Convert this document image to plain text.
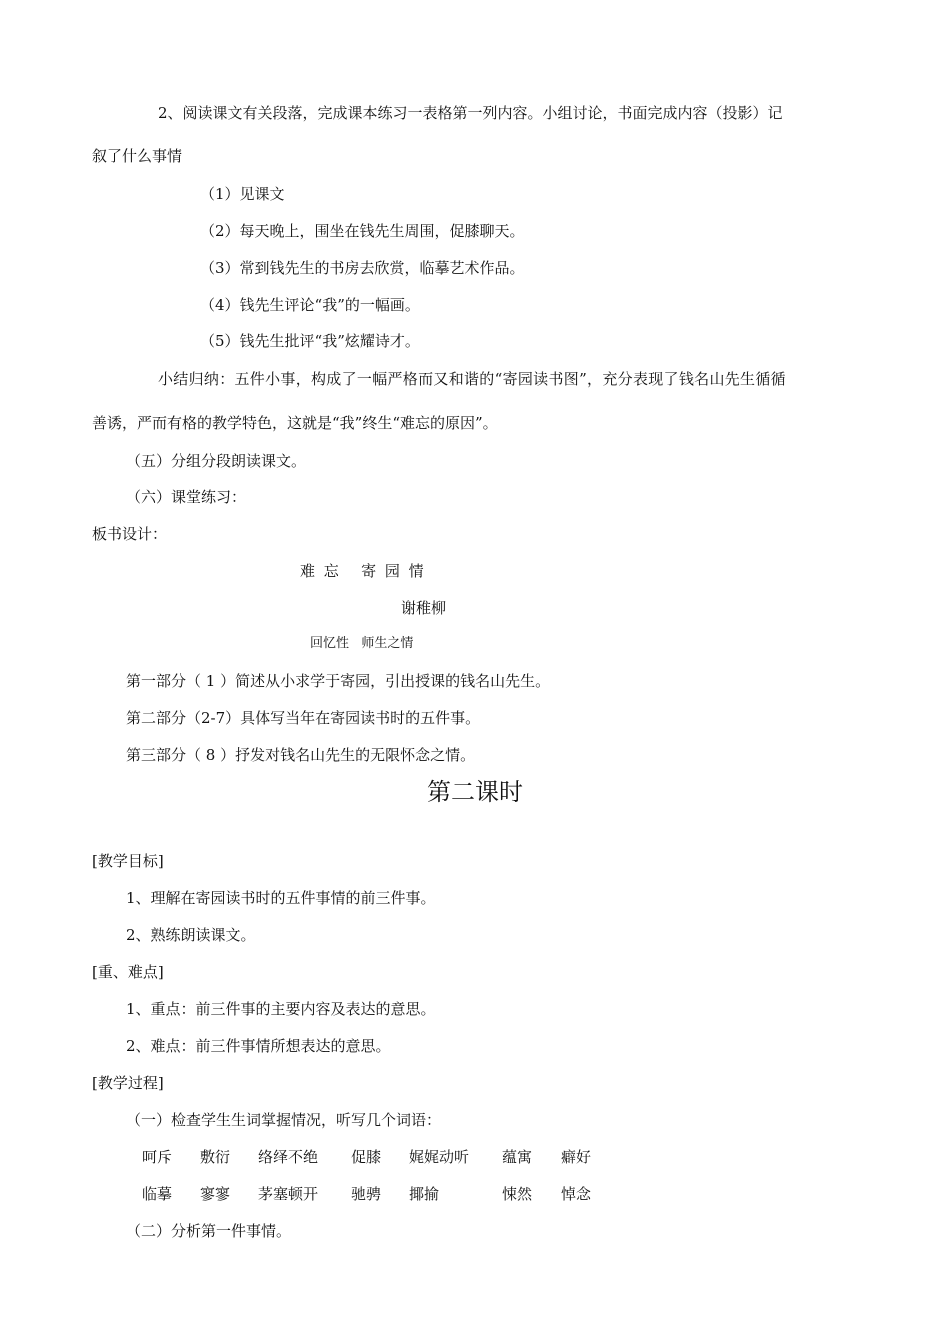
2、阅读课文有关段落，完成课本练习一表格第一列内容。小组讨论，书面完成内容（投影）记
叙了什么事情
（1）见课文
（2）每天晚上，围坐在钱先生周围，促膝聊天。
（3）常到钱先生的书房去欣赏，临摹艺术作品。
（4）钱先生评论“我”的一幅画。
（5）钱先生批评“我”炫耀诗才。
小结归纳：五件小事，构成了一幅严格而又和谐的“寄园读书图”，充分表现了钱名山先生循循
善诱，严而有格的教学特色，这就是“我”终生“难忘的原因”。
（五）分组分段朗读课文。
（六）课堂练习：
板书设计：
难 忘   寄 园 情
谢稚柳
回忆性   师生之情
第一部分（ 1 ）简述从小求学于寄园，引出授课的钱名山先生。
第二部分（2-7）具体写当年在寄园读书时的五件事。
第三部分（ 8 ）抒发对钱名山先生的无限怀念之情。
第二课时
[教学目标]
1、理解在寄园读书时的五件事情的前三件事。
2、熟练朗读课文。
[重、难点]
1、重点：前三件事的主要内容及表达的意思。
2、难点：前三件事情所想表达的意思。
[教学过程]
（一）检查学生生词掌握情况，听写几个词语：
呵斥 敷衍 络绎不绝 促膝 娓娓动听 蕴寓 癖好
临摹 寥寥 茅塞顿开 驰骋 揶揄	悚然 悼念
（二）分析第一件事情。
